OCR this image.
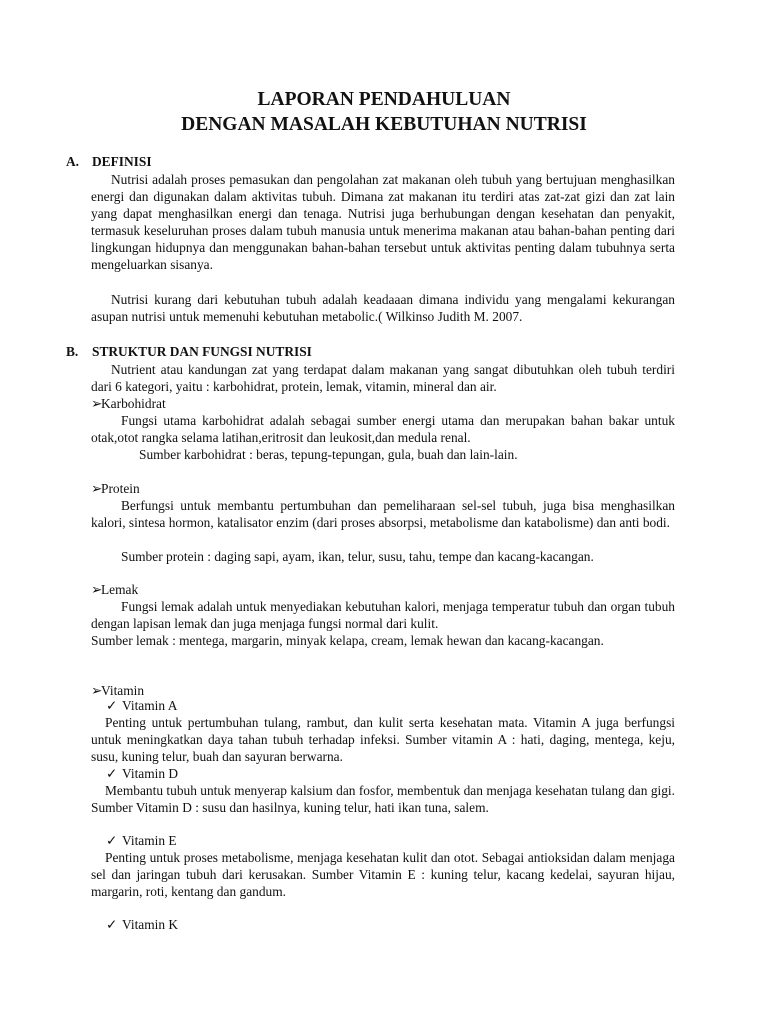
LAPORAN PENDAHULUAN
DENGAN MASALAH KEBUTUHAN NUTRISI
A. DEFINISI

Nutrisi adalah proses pemasukan dan pengolahan zat makanan oleh tubuh yang bertujuan menghasilkan energi dan digunakan dalam aktivitas tubuh. Dimana zat makanan itu terdiri atas zat-zat gizi dan zat lain yang dapat menghasilkan energi dan tenaga. Nutrisi juga berhubungan dengan kesehatan dan penyakit, termasuk keseluruhan proses dalam tubuh manusia untuk menerima makanan atau bahan-bahan penting dari lingkungan hidupnya dan menggunakan bahan-bahan tersebut untuk aktivitas penting dalam tubuhnya serta mengeluarkan sisanya.

Nutrisi kurang dari kebutuhan tubuh adalah keadaaan dimana individu yang mengalami kekurangan asupan nutrisi untuk memenuhi kebutuhan metabolic.( Wilkinso Judith M. 2007.

B. STRUKTUR DAN FUNGSI NUTRISI

Nutrient atau kandungan zat yang terdapat dalam makanan yang sangat dibutuhkan oleh tubuh terdiri dari 6 kategori, yaitu : karbohidrat, protein, lemak, vitamin, mineral dan air.

➢Karbohidrat

Fungsi utama karbohidrat adalah sebagai sumber energi utama dan merupakan bahan bakar untuk otak,otot rangka selama latihan,eritrosit dan leukosit,dan medula renal.

Sumber karbohidrat : beras, tepung-tepungan, gula, buah dan lain-lain.

➢Protein

Berfungsi untuk membantu pertumbuhan dan pemeliharaan sel-sel tubuh, juga bisa menghasilkan kalori, sintesa hormon, katalisator enzim (dari proses absorpsi, metabolisme dan katabolisme) dan anti bodi.

Sumber protein : daging sapi, ayam, ikan, telur, susu, tahu, tempe dan kacang-kacangan.

➢Lemak

Fungsi lemak adalah untuk menyediakan kebutuhan kalori, menjaga temperatur tubuh dan organ tubuh dengan lapisan lemak dan juga menjaga fungsi normal dari kulit.

Sumber lemak : mentega, margarin, minyak kelapa, cream, lemak hewan dan kacang-kacangan.

➢Vitamin
✓ Vitamin A

Penting untuk pertumbuhan tulang, rambut, dan kulit serta kesehatan mata. Vitamin A juga berfungsi untuk meningkatkan daya tahan tubuh terhadap infeksi. Sumber vitamin A : hati, daging, mentega, keju, susu, kuning telur, buah dan sayuran berwarna.

✓ Vitamin D

Membantu tubuh untuk menyerap kalsium dan fosfor, membentuk dan menjaga kesehatan tulang dan gigi. Sumber Vitamin D : susu dan hasilnya, kuning telur, hati ikan tuna, salem.

✓ Vitamin E

Penting untuk proses metabolisme, menjaga kesehatan kulit dan otot. Sebagai antioksidan dalam menjaga sel dan jaringan tubuh dari kerusakan. Sumber Vitamin E : kuning telur, kacang kedelai, sayuran hijau, margarin, roti, kentang dan gandum.

✓ Vitamin K
